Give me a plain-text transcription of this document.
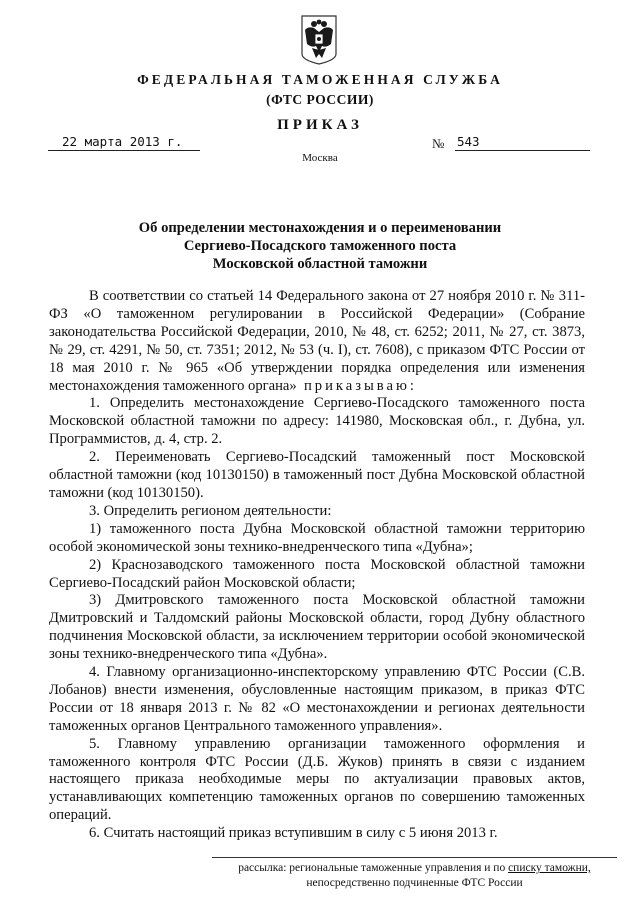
ФЕДЕРАЛЬНАЯ ТАМОЖЕННАЯ СЛУЖБА
(ФТС РОССИИ)
ПРИКАЗ
22 марта 2013 г.	№ 543
Москва
Об определении местонахождения и о переименовании
Сергиево-Посадского таможенного поста
Московской областной таможни

В соответствии со статьей 14 Федерального закона от 27 ноября 2010 г. № 311-ФЗ «О таможенном регулировании в Российской Федерации» (Собрание законодательства Российской Федерации, 2010, № 48, ст. 6252; 2011, № 27, ст. 3873, № 29, ст. 4291, № 50, ст. 7351; 2012, № 53 (ч. I), ст. 7608), с приказом ФТС России от 18 мая 2010 г. № 965 «Об утверждении порядка определения или изменения местонахождения таможенного органа» приказываю:

1. Определить местонахождение Сергиево-Посадского таможенного поста Московской областной таможни по адресу: 141980, Московская обл., г. Дубна, ул. Программистов, д. 4, стр. 2.

2. Переименовать Сергиево-Посадский таможенный пост Московской областной таможни (код 10130150) в таможенный пост Дубна Московской областной таможни (код 10130150).

3. Определить регионом деятельности:

1) таможенного поста Дубна Московской областной таможни территорию особой экономической зоны технико-внедренческого типа «Дубна»;

2) Краснозаводского таможенного поста Московской областной таможни Сергиево-Посадский район Московской области;

3) Дмитровского таможенного поста Московской областной таможни Дмитровский и Талдомский районы Московской области, город Дубну областного подчинения Московской области, за исключением территории особой экономической зоны технико-внедренческого типа «Дубна».

4. Главному организационно-инспекторскому управлению ФТС России (С.В. Лобанов) внести изменения, обусловленные настоящим приказом, в приказ ФТС России от 18 января 2013 г. № 82 «О местонахождении и регионах деятельности таможенных органов Центрального таможенного управления».

5. Главному управлению организации таможенного оформления и таможенного контроля ФТС России (Д.Б. Жуков) принять в связи с изданием настоящего приказа необходимые меры по актуализации правовых актов, устанавливающих компетенцию таможенных органов по совершению таможенных операций.

6. Считать настоящий приказ вступившим в силу с 5 июня 2013 г.

рассылка: региональные таможенные управления и по списку таможни,
непосредственно подчиненные ФТС России
